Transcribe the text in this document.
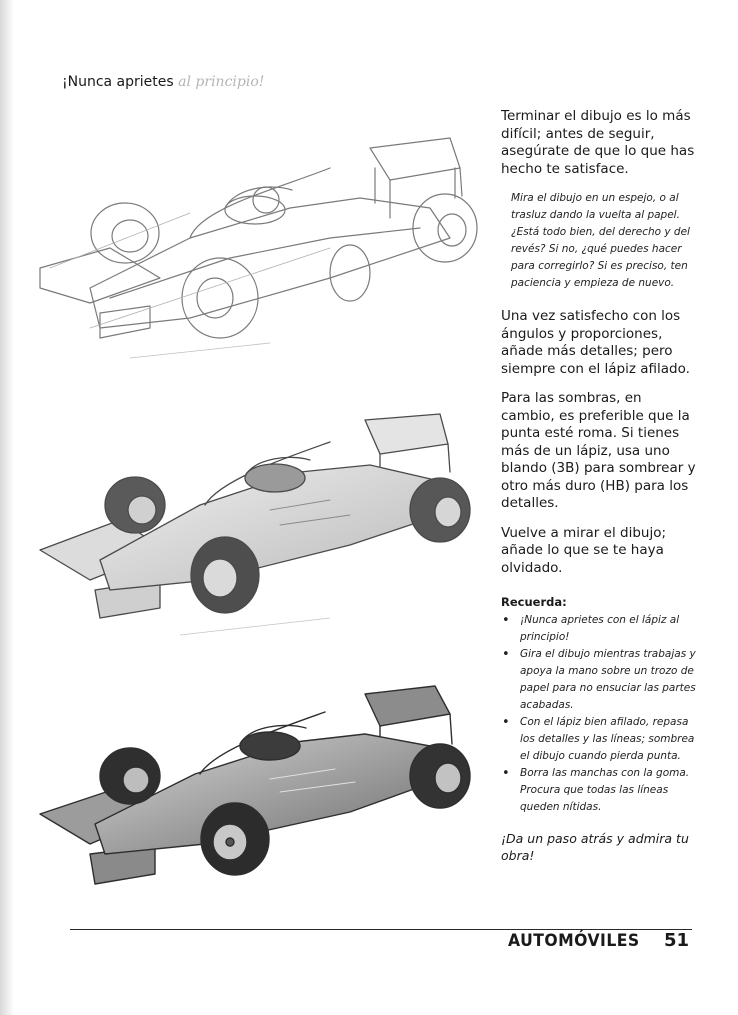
¡Nunca aprietes al principio!

Terminar el dibujo es lo más difícil; antes de seguir, asegúrate de que lo que has hecho te satisface.

Mira el dibujo en un espejo, o al trasluz dando la vuelta al papel. ¿Está todo bien, del derecho y del revés? Si no, ¿qué puedes hacer para corregirlo? Si es preciso, ten paciencia y empieza de nuevo.

Una vez satisfecho con los ángulos y proporciones, añade más detalles; pero siempre con el lápiz afilado.

Para las sombras, en cambio, es preferible que la punta esté roma. Si tienes más de un lápiz, usa uno blando (3B) para sombrear y otro más duro (HB) para los detalles.

Vuelve a mirar el dibujo; añade lo que se te haya olvidado.

Recuerda:

• ¡Nunca aprietes con el lápiz al principio!
• Gira el dibujo mientras trabajas y apoya la mano sobre un trozo de papel para no ensuciar las partes acabadas.
• Con el lápiz bien afilado, repasa los detalles y las líneas; sombrea el dibujo cuando pierda punta.
• Borra las manchas con la goma. Procura que todas las líneas queden nítidas.

¡Da un paso atrás y admira tu obra!

AUTOMÓVILES 51
